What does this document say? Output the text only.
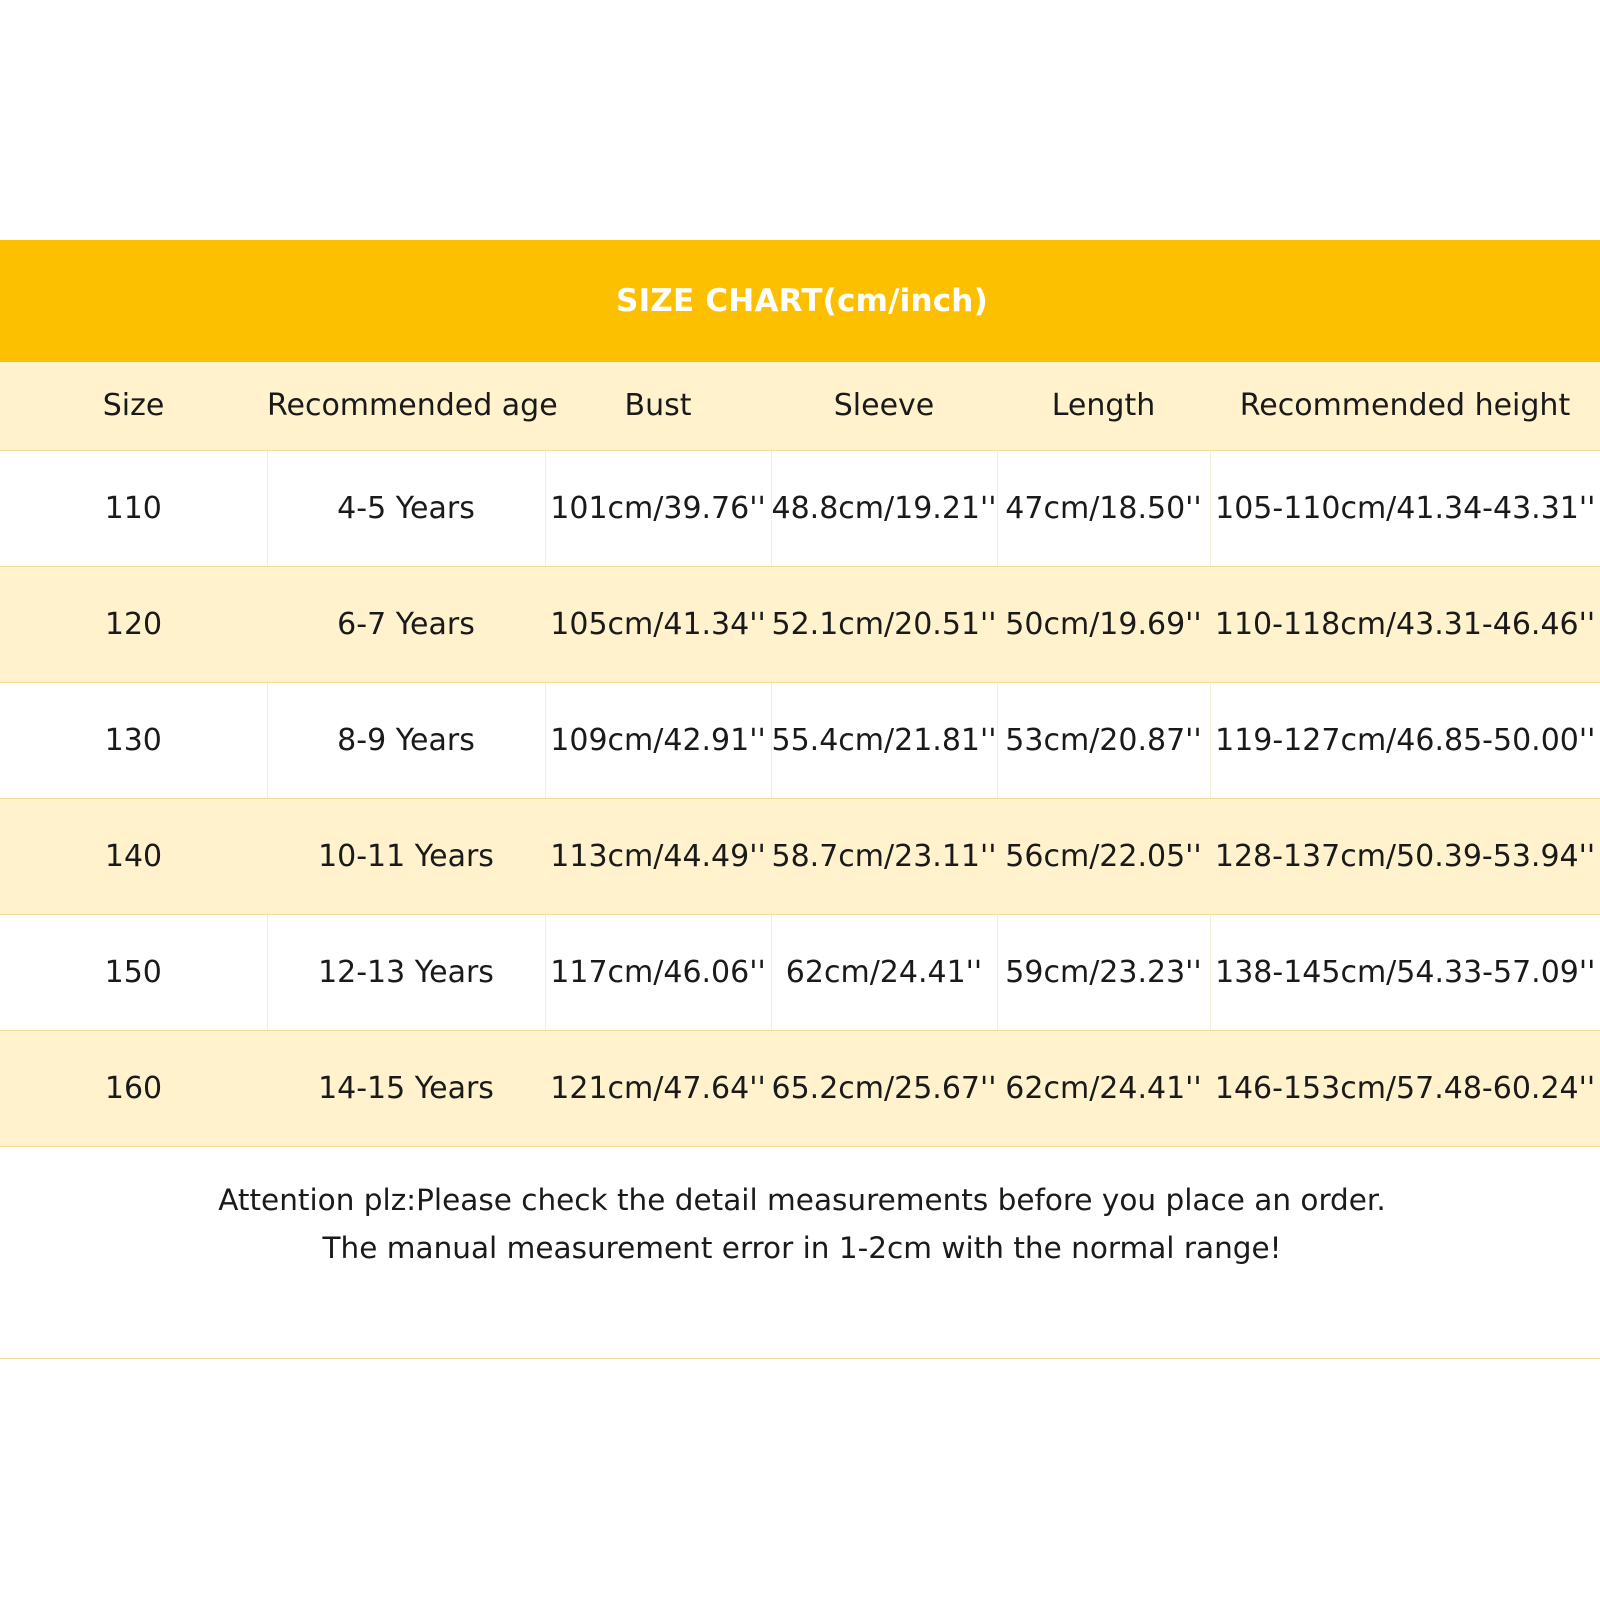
SIZE CHART(cm/inch)
Size	Recommended age	Bust	Sleeve	Length	Recommended height
110	4-5 Years	101cm/39.76''	48.8cm/19.21''	47cm/18.50''	105-110cm/41.34-43.31''
120	6-7 Years	105cm/41.34''	52.1cm/20.51''	50cm/19.69''	110-118cm/43.31-46.46''
130	8-9 Years	109cm/42.91''	55.4cm/21.81''	53cm/20.87''	119-127cm/46.85-50.00''
140	10-11 Years	113cm/44.49''	58.7cm/23.11''	56cm/22.05''	128-137cm/50.39-53.94''
150	12-13 Years	117cm/46.06''	62cm/24.41''	59cm/23.23''	138-145cm/54.33-57.09''
160	14-15 Years	121cm/47.64''	65.2cm/25.67''	62cm/24.41''	146-153cm/57.48-60.24''
Attention plz:Please check the detail measurements before you place an order.
The manual measurement error in 1-2cm with the normal range!
